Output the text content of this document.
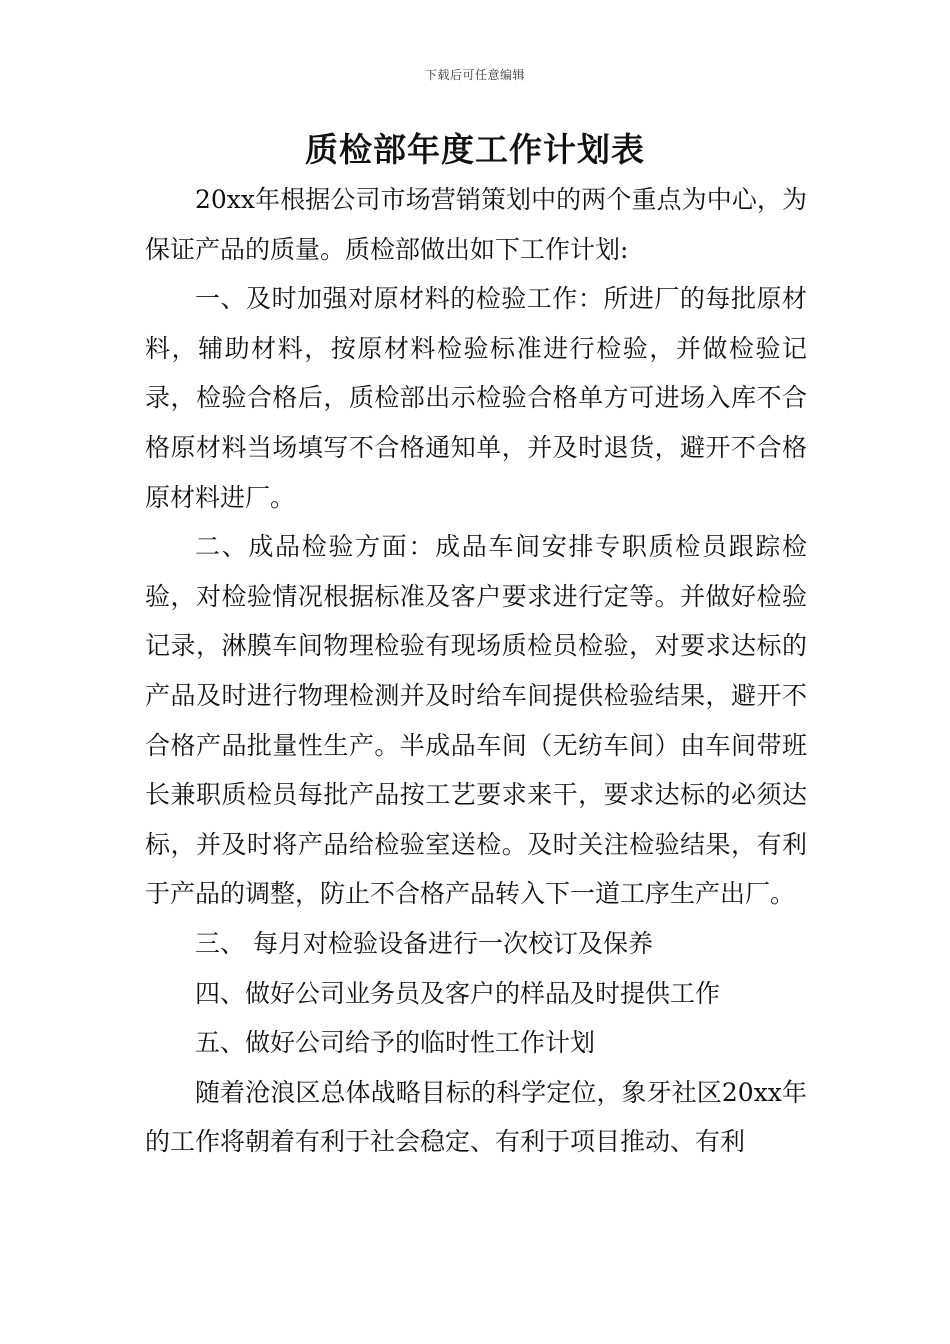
下载后可任意编辑
质检部年度工作计划表

20xx年根据公司市场营销策划中的两个重点为中心，为保证产品的质量。质检部做出如下工作计划:

一、及时加强对原材料的检验工作：所进厂的每批原材料，辅助材料，按原材料检验标准进行检验，并做检验记录，检验合格后，质检部出示检验合格单方可进场入库不合格原材料当场填写不合格通知单，并及时退货，避开不合格原材料进厂。

二、成品检验方面：成品车间安排专职质检员跟踪检验，对检验情况根据标准及客户要求进行定等。并做好检验记录，淋膜车间物理检验有现场质检员检验，对要求达标的产品及时进行物理检测并及时给车间提供检验结果，避开不合格产品批量性生产。半成品车间（无纺车间）由车间带班长兼职质检员每批产品按工艺要求来干，要求达标的必须达标，并及时将产品给检验室送检。及时关注检验结果，有利于产品的调整，防止不合格产品转入下一道工序生产出厂。

三、 每月对检验设备进行一次校订及保养

四、做好公司业务员及客户的样品及时提供工作

五、做好公司给予的临时性工作计划

随着沧浪区总体战略目标的科学定位，象牙社区20xx年的工作将朝着有利于社会稳定、有利于项目推动、有利
